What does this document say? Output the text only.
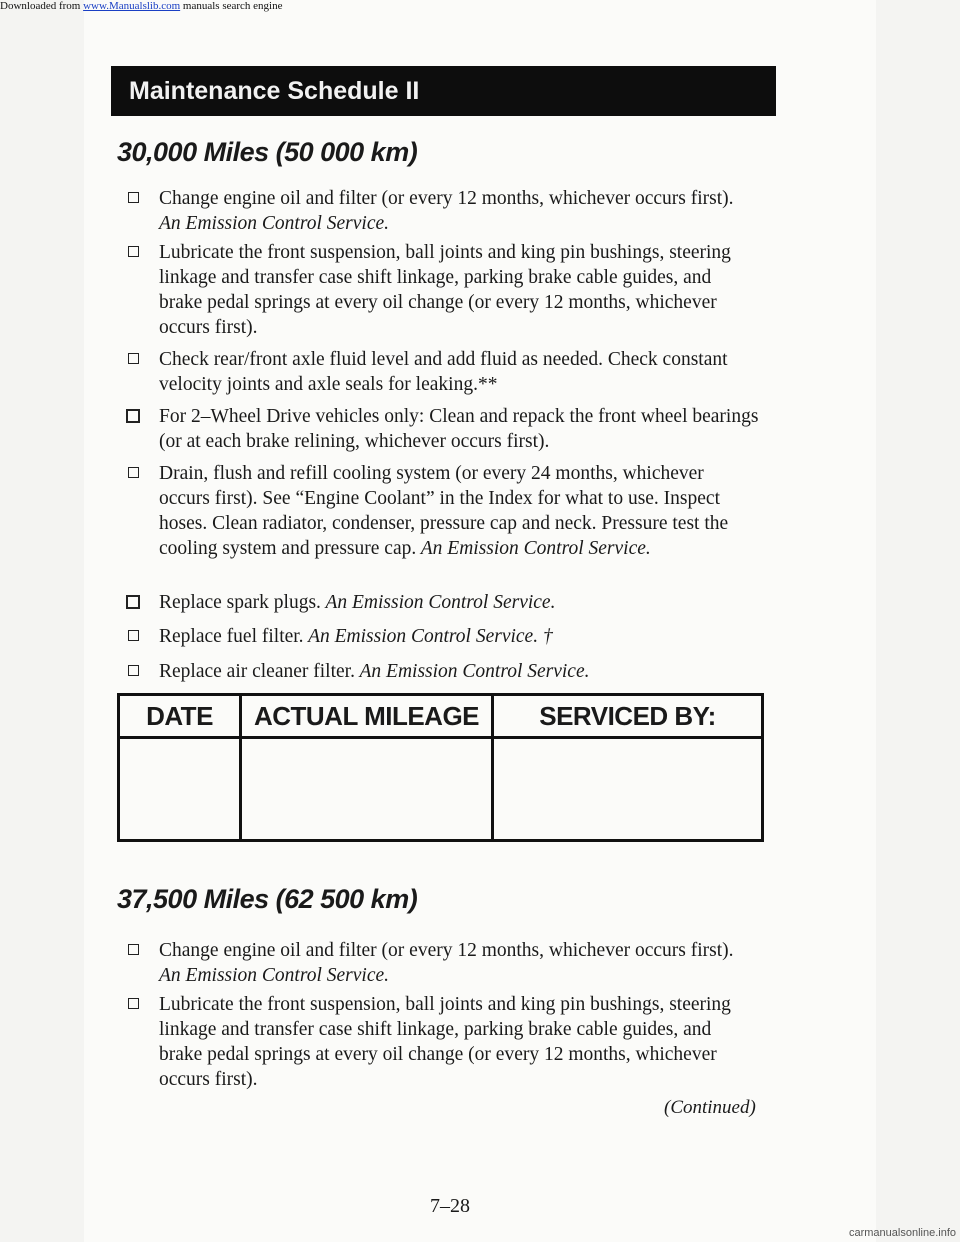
Downloaded from www.Manualslib.com manuals search engine
Maintenance Schedule II
30,000 Miles (50 000 km)
Change engine oil and filter (or every 12 months, whichever occurs first). An Emission Control Service.
Lubricate the front suspension, ball joints and king pin bushings, steering linkage and transfer case shift linkage, parking brake cable guides, and brake pedal springs at every oil change (or every 12 months, whichever occurs first).
Check rear/front axle fluid level and add fluid as needed. Check constant velocity joints and axle seals for leaking.**
For 2–Wheel Drive vehicles only: Clean and repack the front wheel bearings (or at each brake relining, whichever occurs first).
Drain, flush and refill cooling system (or every 24 months, whichever occurs first). See “Engine Coolant” in the Index for what to use. Inspect hoses. Clean radiator, condenser, pressure cap and neck. Pressure test the cooling system and pressure cap. An Emission Control Service.
Replace spark plugs. An Emission Control Service.
Replace fuel filter. An Emission Control Service. †
Replace air cleaner filter. An Emission Control Service.
DATE	ACTUAL MILEAGE	SERVICED BY:

37,500 Miles (62 500 km)
Change engine oil and filter (or every 12 months, whichever occurs first). An Emission Control Service.
Lubricate the front suspension, ball joints and king pin bushings, steering linkage and transfer case shift linkage, parking brake cable guides, and brake pedal springs at every oil change (or every 12 months, whichever occurs first).
(Continued)
7–28
carmanualsonline.info
